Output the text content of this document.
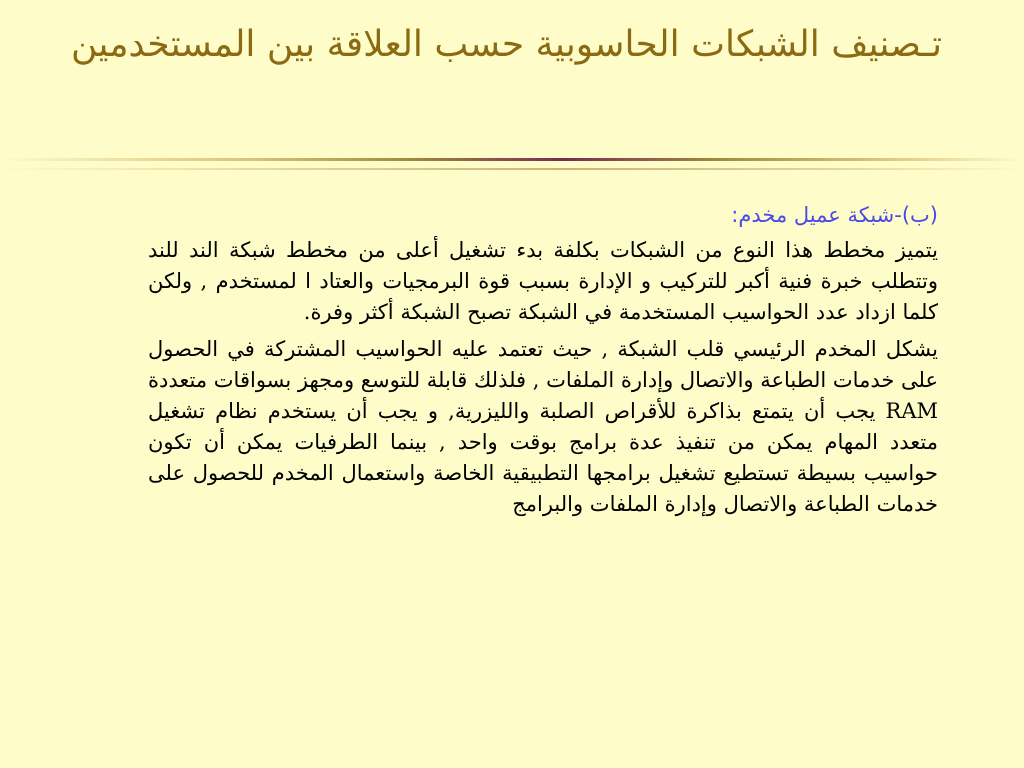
تـصنيف الشبكات الحاسوبية حسب العلاقة بين المستخدمين
(ب)-شبكة عميل مخدم:
يتميز مخطط هذا النوع من الشبكات بكلفة بدء تشغيل أعلى من مخطط شبكة الند للند وتتطلب خبرة فنية أكبر للتركيب و الإدارة بسبب قوة البرمجيات والعتاد ا لمستخدم , ولكن كلما ازداد عدد الحواسيب المستخدمة في الشبكة تصبح الشبكة أكثر وفرة.
يشكل المخدم الرئيسي قلب الشبكة , حيث تعتمد عليه الحواسيب المشتركة في الحصول على خدمات الطباعة والاتصال وإدارة الملفات , فلذلك قابلة للتوسع ومجهز بسواقات متعددة RAM يجب أن يتمتع بذاكرة للأقراص الصلبة والليزرية, و يجب أن يستخدم نظام تشغيل متعدد المهام يمكن من تنفيذ عدة برامج بوقت واحد , بينما الطرفيات يمكن أن تكون حواسيب بسيطة تستطيع تشغيل برامجها التطبيقية الخاصة واستعمال المخدم للحصول على خدمات الطباعة والاتصال وإدارة الملفات والبرامج
